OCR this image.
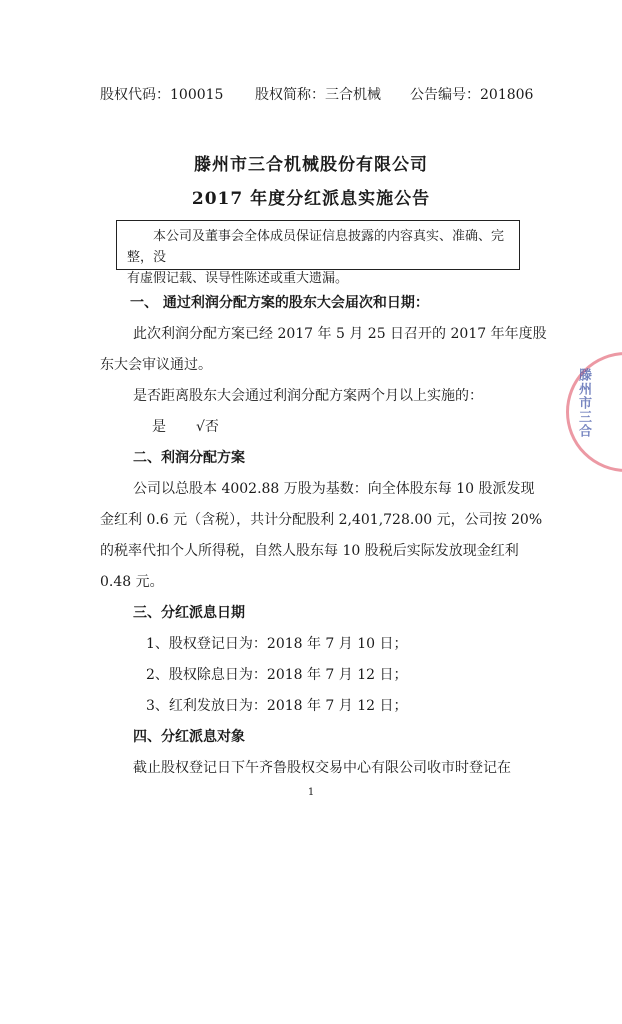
股权代码：100015 股权简称：三合机械 公告编号：201806
滕州市三合机械股份有限公司
2017 年度分红派息实施公告
本公司及董事会全体成员保证信息披露的内容真实、准确、完整，没
有虚假记载、误导性陈述或重大遗漏。
一、 通过利润分配方案的股东大会届次和日期：
此次利润分配方案已经 2017 年 5 月 25 日召开的 2017 年年度股
东大会审议通过。
是否距离股东大会通过利润分配方案两个月以上实施的：
是 √否
二、利润分配方案
公司以总股本 4002.88 万股为基数：向全体股东每 10 股派发现
金红利 0.6 元（含税），共计分配股利 2,401,728.00 元，公司按 20%
的税率代扣个人所得税，自然人股东每 10 股税后实际发放现金红利
0.48 元。
三、分红派息日期
1、股权登记日为：2018 年 7 月 10 日；
2、股权除息日为：2018 年 7 月 12 日；
3、红利发放日为：2018 年 7 月 12 日；
四、分红派息对象
截止股权登记日下午齐鲁股权交易中心有限公司收市时登记在
滕州市三合
1
